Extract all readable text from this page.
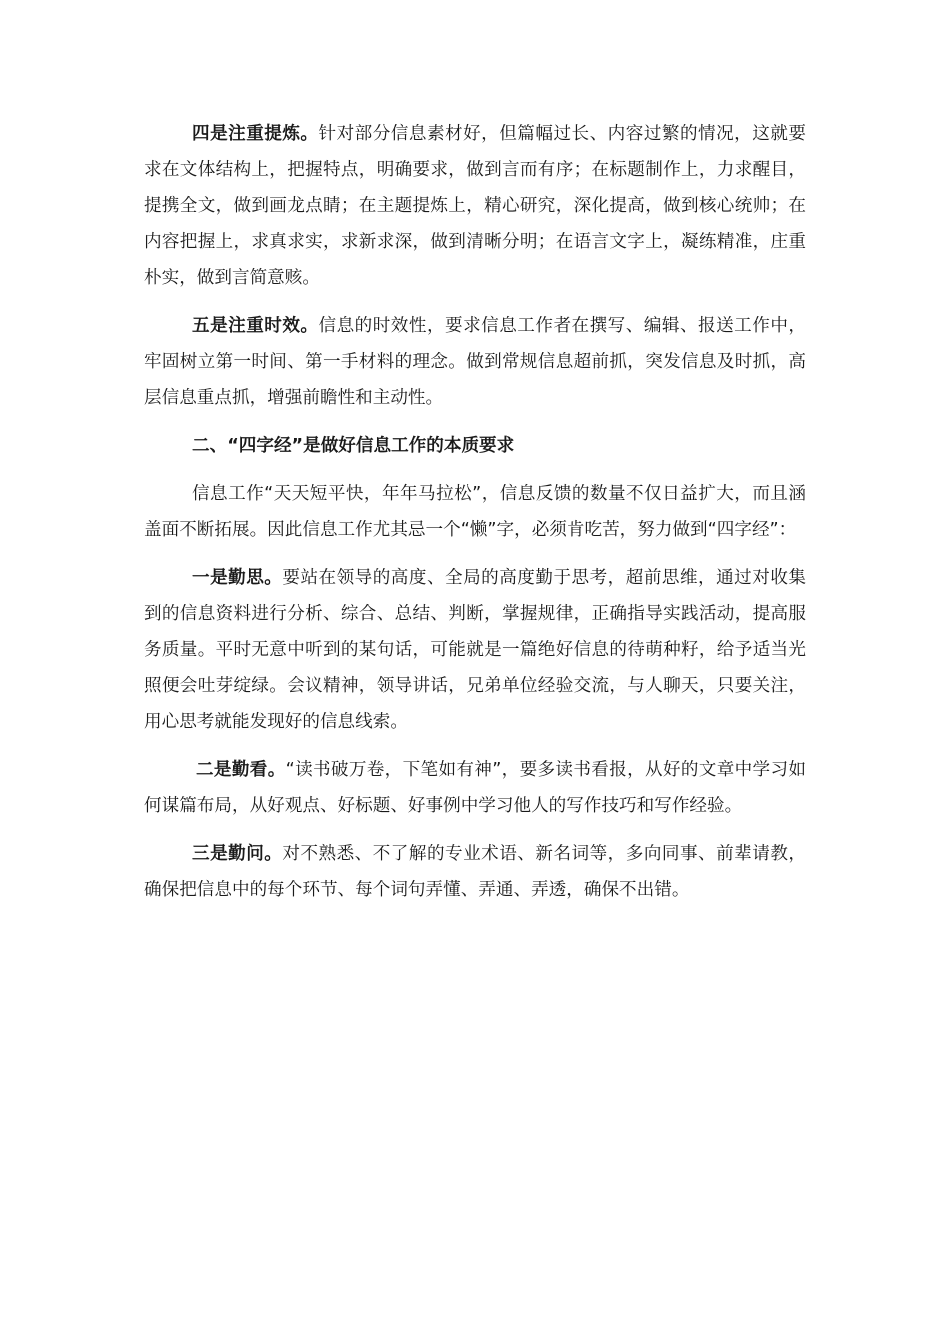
四是注重提炼。针对部分信息素材好，但篇幅过长、内容过繁的情况，这就要求在文体结构上，把握特点，明确要求，做到言而有序；在标题制作上，力求醒目，提携全文，做到画龙点睛；在主题提炼上，精心研究，深化提高，做到核心统帅；在内容把握上，求真求实，求新求深，做到清晰分明；在语言文字上，凝练精准，庄重朴实，做到言简意赅。

五是注重时效。信息的时效性，要求信息工作者在撰写、编辑、报送工作中，牢固树立第一时间、第一手材料的理念。做到常规信息超前抓，突发信息及时抓，高层信息重点抓，增强前瞻性和主动性。

二、“四字经”是做好信息工作的本质要求

信息工作“天天短平快，年年马拉松”，信息反馈的数量不仅日益扩大，而且涵盖面不断拓展。因此信息工作尤其忌一个“懒”字，必须肯吃苦，努力做到“四字经”：

一是勤思。要站在领导的高度、全局的高度勤于思考，超前思维，通过对收集到的信息资料进行分析、综合、总结、判断，掌握规律，正确指导实践活动，提高服务质量。平时无意中听到的某句话，可能就是一篇绝好信息的待萌种籽，给予适当光照便会吐芽绽绿。会议精神，领导讲话，兄弟单位经验交流，与人聊天，只要关注，用心思考就能发现好的信息线索。

二是勤看。“读书破万卷，下笔如有神”，要多读书看报，从好的文章中学习如何谋篇布局，从好观点、好标题、好事例中学习他人的写作技巧和写作经验。

三是勤问。对不熟悉、不了解的专业术语、新名词等，多向同事、前辈请教，确保把信息中的每个环节、每个词句弄懂、弄通、弄透，确保不出错。
